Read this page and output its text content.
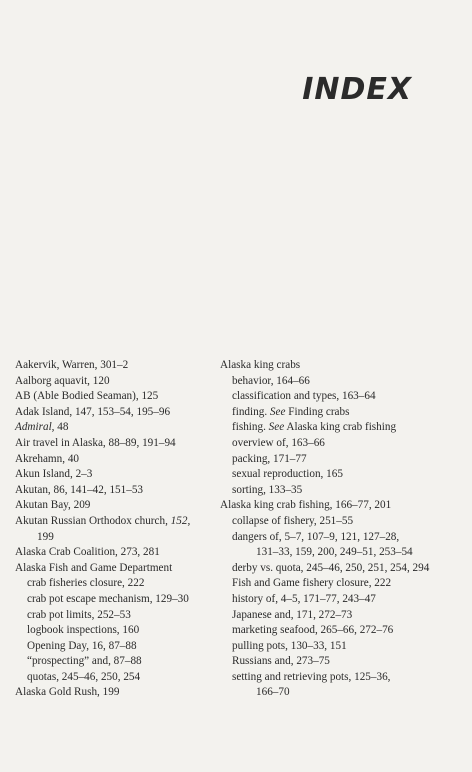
INDEX
Aakervik, Warren, 301–2
Aalborg aquavit, 120
AB (Able Bodied Seaman), 125
Adak Island, 147, 153–54, 195–96
Admiral, 48
Air travel in Alaska, 88–89, 191–94
Akrehamn, 40
Akun Island, 2–3
Akutan, 86, 141–42, 151–53
Akutan Bay, 209
Akutan Russian Orthodox church, 152,
199
Alaska Crab Coalition, 273, 281
Alaska Fish and Game Department
crab fisheries closure, 222
crab pot escape mechanism, 129–30
crab pot limits, 252–53
logbook inspections, 160
Opening Day, 16, 87–88
“prospecting” and, 87–88
quotas, 245–46, 250, 254
Alaska Gold Rush, 199
Alaska king crabs
behavior, 164–66
classification and types, 163–64
finding. See Finding crabs
fishing. See Alaska king crab fishing
overview of, 163–66
packing, 171–77
sexual reproduction, 165
sorting, 133–35
Alaska king crab fishing, 166–77, 201
collapse of fishery, 251–55
dangers of, 5–7, 107–9, 121, 127–28,
131–33, 159, 200, 249–51, 253–54
derby vs. quota, 245–46, 250, 251, 254, 294
Fish and Game fishery closure, 222
history of, 4–5, 171–77, 243–47
Japanese and, 171, 272–73
marketing seafood, 265–66, 272–76
pulling pots, 130–33, 151
Russians and, 273–75
setting and retrieving pots, 125–36,
166–70
